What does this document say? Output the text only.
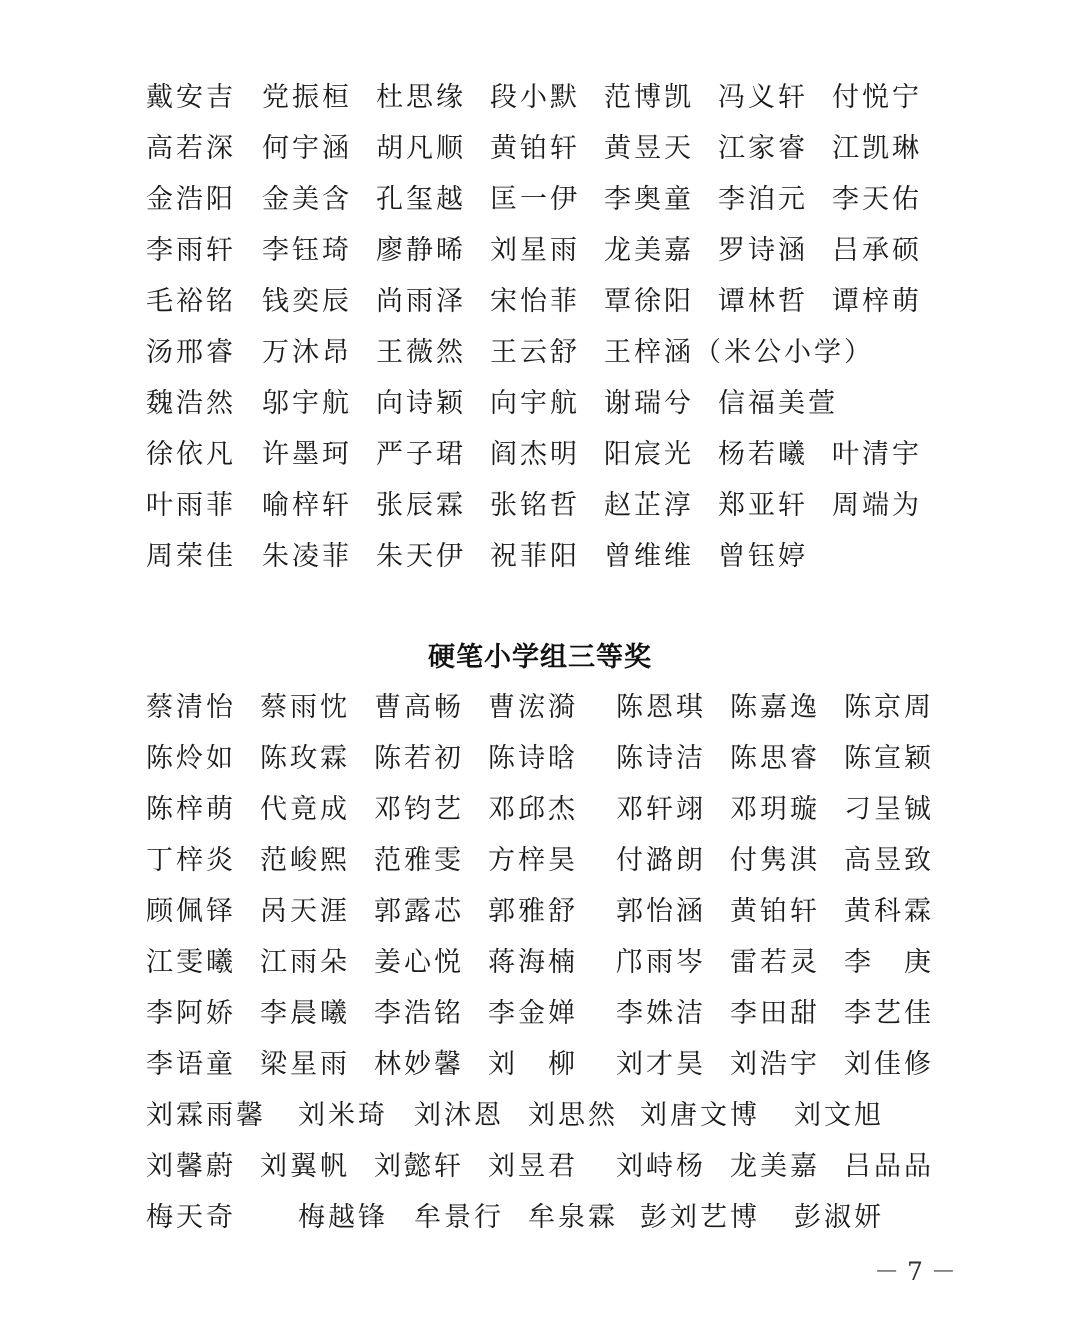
戴安吉 党振桓 杜思缘 段小默 范博凯 冯义轩 付悦宁
高若深 何宇涵 胡凡顺 黄铂轩 黄昱天 江家睿 江凯琳
金浩阳 金美含 孔玺越 匡一伊 李奥童 李洎元 李天佑
李雨轩 李钰琦 廖静晞 刘星雨 龙美嘉 罗诗涵 吕承硕
毛裕铭 钱奕辰 尚雨泽 宋怡菲 覃徐阳 谭林哲 谭梓萌
汤邢睿 万沐昂 王薇然 王云舒 王梓涵（米公小学）
魏浩然 邬宇航 向诗颖 向宇航 谢瑞兮 信福美萱
徐依凡 许墨珂 严子珺 阎杰明 阳宸光 杨若曦 叶清宇
叶雨菲 喻梓轩 张辰霖 张铭哲 赵芷淳 郑亚轩 周端为
周荣佳 朱凌菲 朱天伊 祝菲阳 曾维维 曾钰婷
硬笔小学组三等奖
蔡清怡 蔡雨忱 曹高畅 曹浤漪 陈恩琪 陈嘉逸 陈京周
陈炩如 陈玫霖 陈若初 陈诗晗 陈诗洁 陈思睿 陈宣颖
陈梓萌 代竟成 邓钧艺 邓邱杰 邓轩翊 邓玥璇 刁呈铖
丁梓炎 范峻熙 范雅雯 方梓昊 付潞朗 付隽淇 高昱致
顾佩铎 呙天涯 郭露芯 郭雅舒 郭怡涵 黄铂轩 黄科霖
江雯曦 江雨朵 姜心悦 蒋海楠 邝雨岑 雷若灵 李　庚
李阿娇 李晨曦 李浩铭 李金婵 李姝洁 李田甜 李艺佳
李语童 梁星雨 林妙馨 刘　柳 刘才昊 刘浩宇 刘佳修
刘霖雨馨 刘米琦 刘沐恩 刘思然 刘唐文博 刘文旭
刘馨蔚 刘翼帆 刘懿轩 刘昱君 刘峙杨 龙美嘉 吕品品
梅天奇 梅越锋 牟景行 牟泉霖 彭刘艺博 彭淑妍
－ 7 －
